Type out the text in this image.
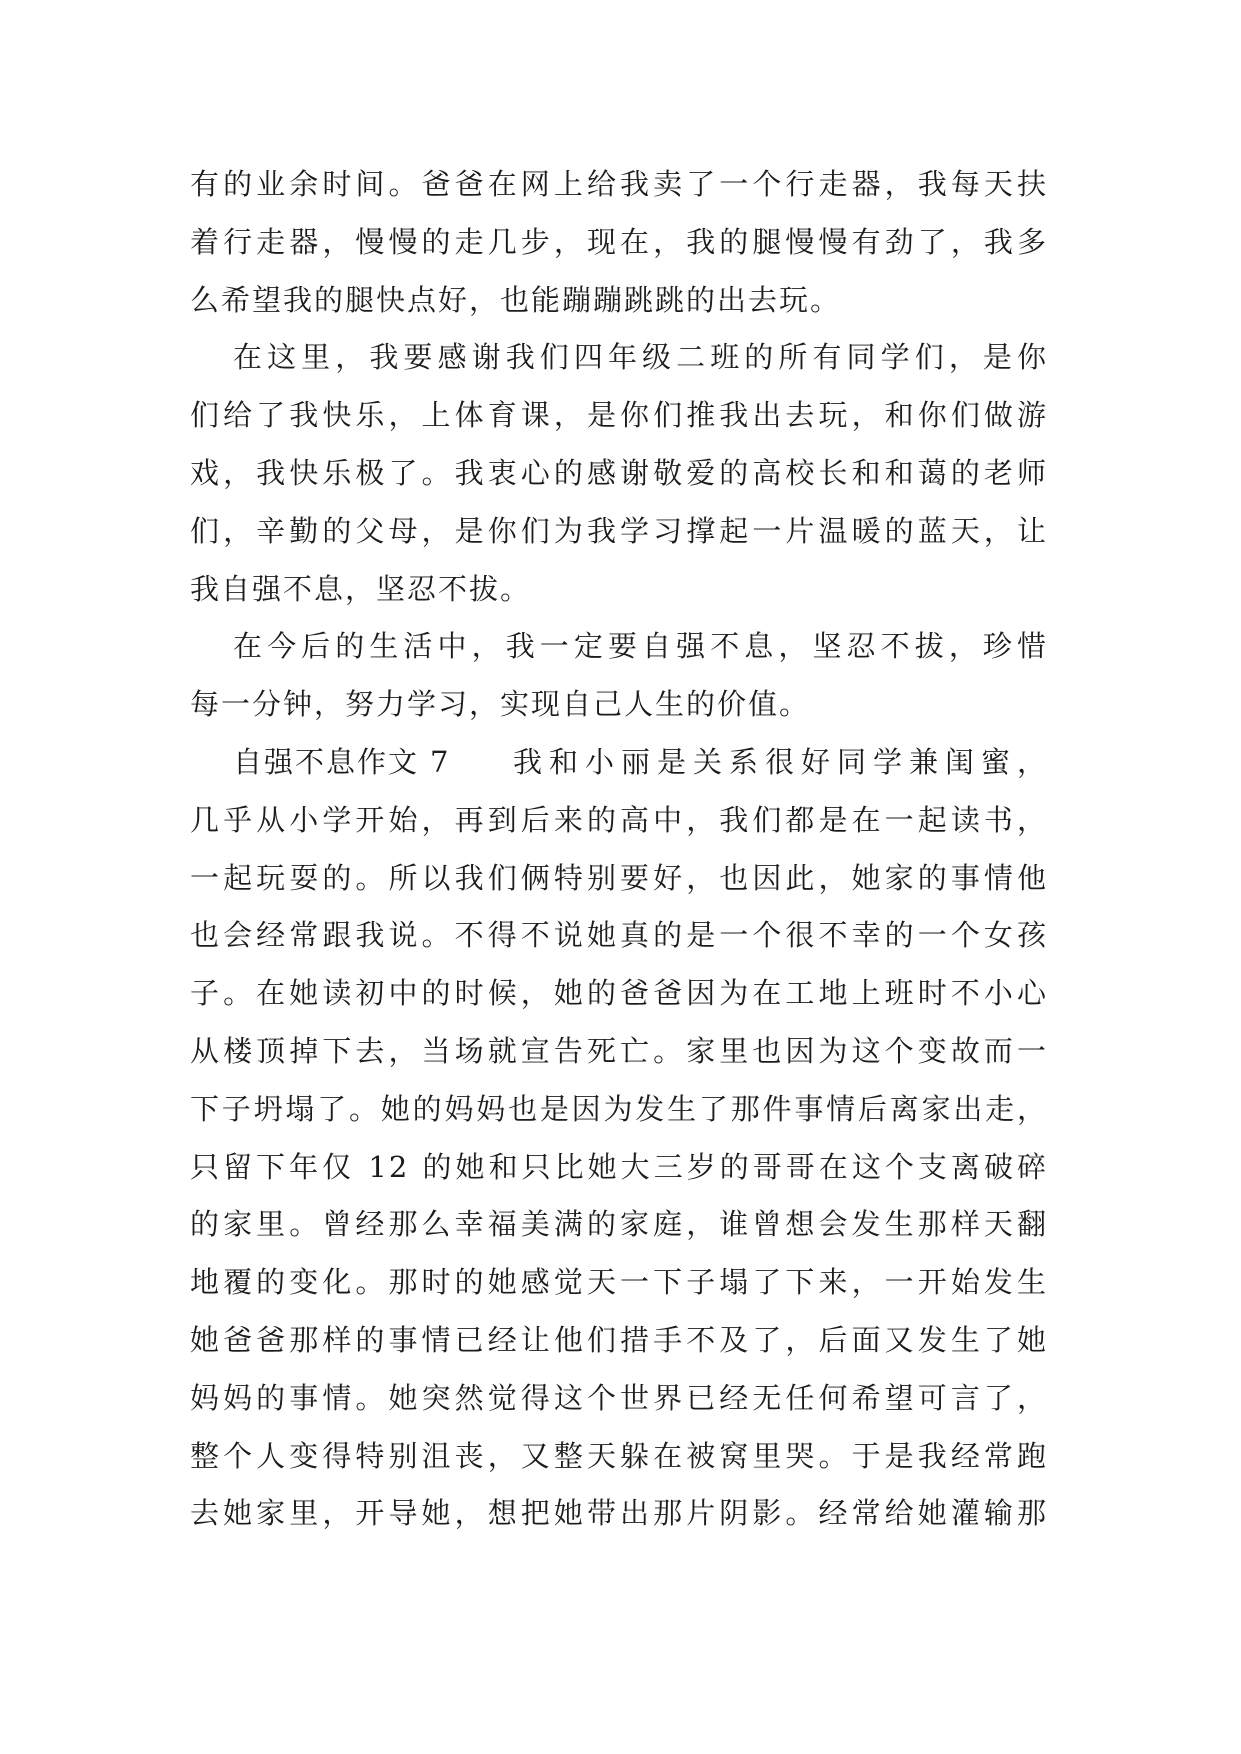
有的业余时间。爸爸在网上给我卖了一个行走器，我每天扶
着行走器，慢慢的走几步，现在，我的腿慢慢有劲了，我多
么希望我的腿快点好，也能蹦蹦跳跳的出去玩。
在这里，我要感谢我们四年级二班的所有同学们，是你
们给了我快乐，上体育课，是你们推我出去玩，和你们做游
戏，我快乐极了。我衷心的感谢敬爱的高校长和和蔼的老师
们，辛勤的父母，是你们为我学习撑起一片温暖的蓝天，让
我自强不息，坚忍不拔。
在今后的生活中，我一定要自强不息，坚忍不拔，珍惜
每一分钟，努力学习，实现自己人生的价值。
自强不息作文 7 我和小丽是关系很好同学兼闺蜜，
几乎从小学开始，再到后来的高中，我们都是在一起读书，
一起玩耍的。所以我们俩特别要好，也因此，她家的事情他
也会经常跟我说。不得不说她真的是一个很不幸的一个女孩
子。在她读初中的时候，她的爸爸因为在工地上班时不小心
从楼顶掉下去，当场就宣告死亡。家里也因为这个变故而一
下子坍塌了。她的妈妈也是因为发生了那件事情后离家出走，
只留下年仅 12 的她和只比她大三岁的哥哥在这个支离破碎
的家里。曾经那么幸福美满的家庭，谁曾想会发生那样天翻
地覆的变化。那时的她感觉天一下子塌了下来，一开始发生
她爸爸那样的事情已经让他们措手不及了，后面又发生了她
妈妈的事情。她突然觉得这个世界已经无任何希望可言了，
整个人变得特别沮丧，又整天躲在被窝里哭。于是我经常跑
去她家里，开导她，想把她带出那片阴影。经常给她灌输那
